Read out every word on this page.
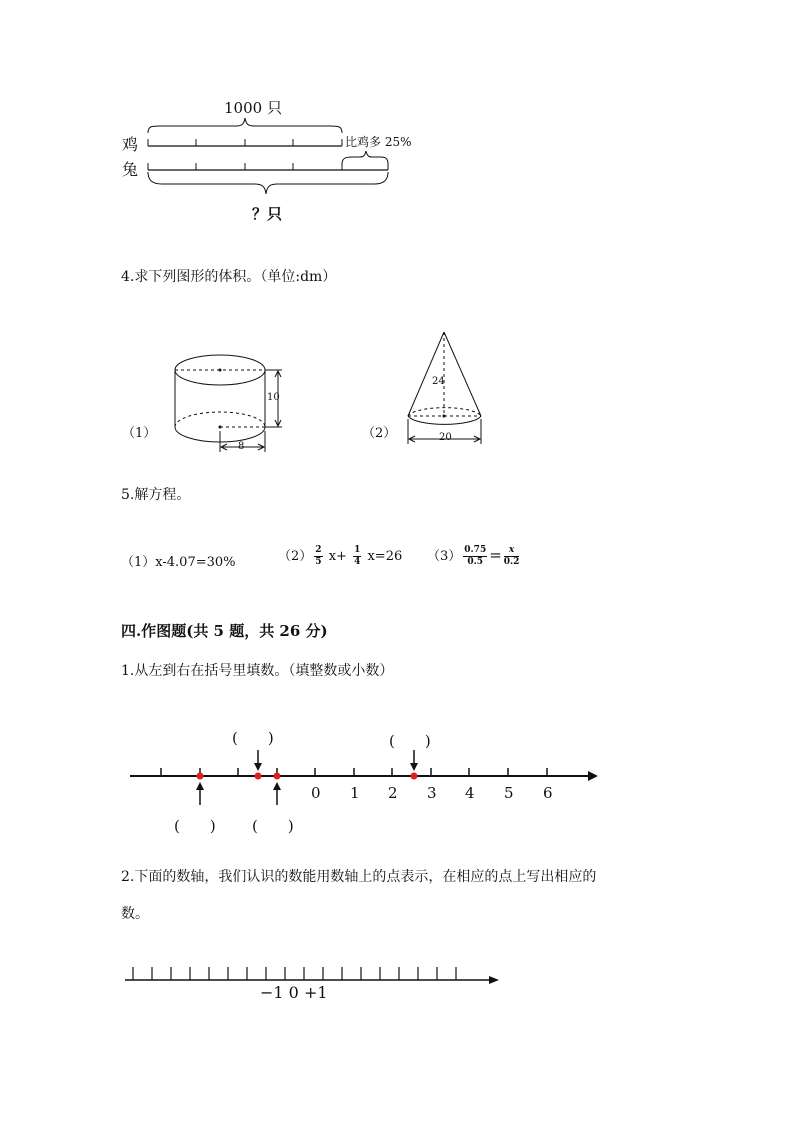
1000 只
鸡
兔
比鸡多 25%
？只
4.求下列图形的体积。（单位:dm）
（1）
10
8
（2）
24
20
5.解方程。
（1）x-4.07=30%	$(2) \frac{2}{5} x+ \frac{1}{4} x=26$ $(3) \frac{0.75}{0.5} = \frac{x}{0.2}$
四.作图题(共 5 题，共 26 分)
1.从左到右在括号里填数。（填整数或小数）
(　　)	(　　)
(　　) (　　)
0 1 2 3 4 5 6
2.下面的数轴，我们认识的数能用数轴上的点表示，在相应的点上写出相应的
数。
−1 0 +1
